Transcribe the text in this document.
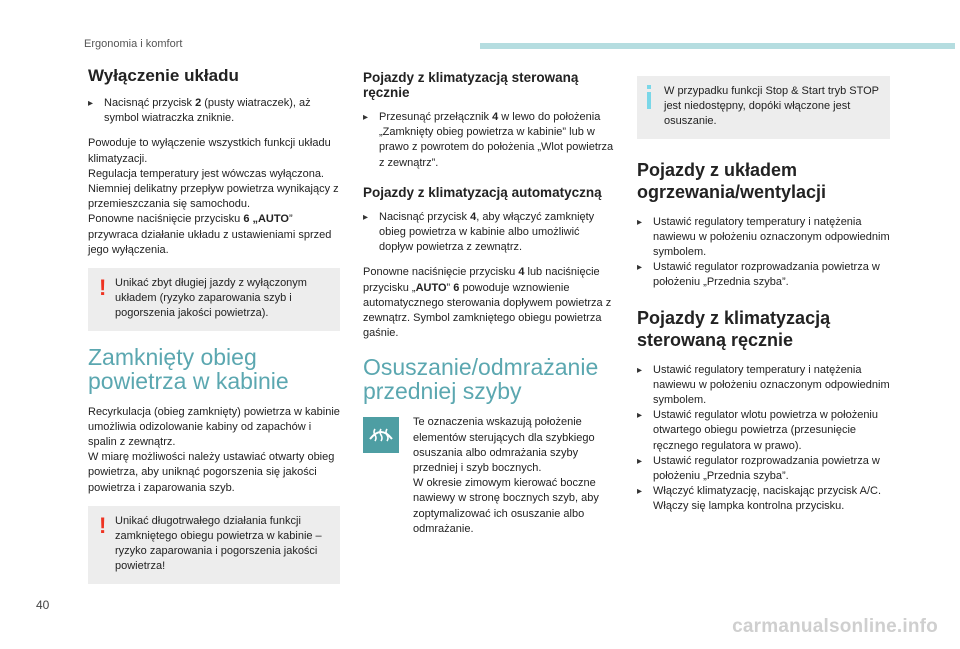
Ergonomia i komfort
Wyłączenie układu
▸ Nacisnąć przycisk 2 (pusty wiatraczek), aż symbol wiatraczka zniknie.

Powoduje to wyłączenie wszystkich funkcji układu klimatyzacji.
Regulacja temperatury jest wówczas wyłączona. Niemniej delikatny przepływ powietrza wynikający z przemieszczania się samochodu.
Ponowne naciśnięcie przycisku 6 „AUTO” przywraca działanie układu z ustawieniami sprzed jego wyłączenia.

! Unikać zbyt długiej jazdy z wyłączonym układem (ryzyko zaparowania szyb i pogorszenia jakości powietrza).
Zamknięty obieg powietrza w kabinie

Recyrkulacja (obieg zamknięty) powietrza w kabinie umożliwia odizolowanie kabiny od zapachów i spalin z zewnątrz.
W miarę możliwości należy ustawiać otwarty obieg powietrza, aby uniknąć pogorszenia się jakości powietrza i zaparowania szyb.

! Unikać długotrwałego działania funkcji zamkniętego obiegu powietrza w kabinie – ryzyko zaparowania i pogorszenia jakości powietrza!
Pojazdy z klimatyzacją sterowaną ręcznie
▸ Przesunąć przełącznik 4 w lewo do położenia „Zamknięty obieg powietrza w kabinie” lub w prawo z powrotem do położenia „Wlot powietrza z zewnątrz”.
Pojazdy z klimatyzacją automatyczną
▸ Nacisnąć przycisk 4, aby włączyć zamknięty obieg powietrza w kabinie albo umożliwić dopływ powietrza z zewnątrz.

Ponowne naciśnięcie przycisku 4 lub naciśnięcie przycisku „AUTO” 6 powoduje wznowienie automatycznego sterowania dopływem powietrza z zewnątrz. Symbol zamkniętego obiegu powietrza gaśnie.

Osuszanie/odmrażanie przedniej szyby
Te oznaczenia wskazują położenie elementów sterujących dla szybkiego osuszania albo odmrażania szyby przedniej i szyb bocznych.
W okresie zimowym kierować boczne nawiewy w stronę bocznych szyb, aby zoptymalizować ich osuszanie albo odmrażanie.
W przypadku funkcji Stop & Start tryb STOP jest niedostępny, dopóki włączone jest osuszanie.
Pojazdy z układem ogrzewania/wentylacji
▸ Ustawić regulatory temperatury i natężenia nawiewu w położeniu oznaczonym odpowiednim symbolem.
▸ Ustawić regulator rozprowadzania powietrza w położeniu „Przednia szyba”.
Pojazdy z klimatyzacją sterowaną ręcznie
▸ Ustawić regulatory temperatury i natężenia nawiewu w położeniu oznaczonym odpowiednim symbolem.
▸ Ustawić regulator wlotu powietrza w położeniu otwartego obiegu powietrza (przesunięcie ręcznego regulatora w prawo).
▸ Ustawić regulator rozprowadzania powietrza w położeniu „Przednia szyba”.
▸ Włączyć klimatyzację, naciskając przycisk A/C. Włączy się lampka kontrolna przycisku.
40
carmanualsonline.info
